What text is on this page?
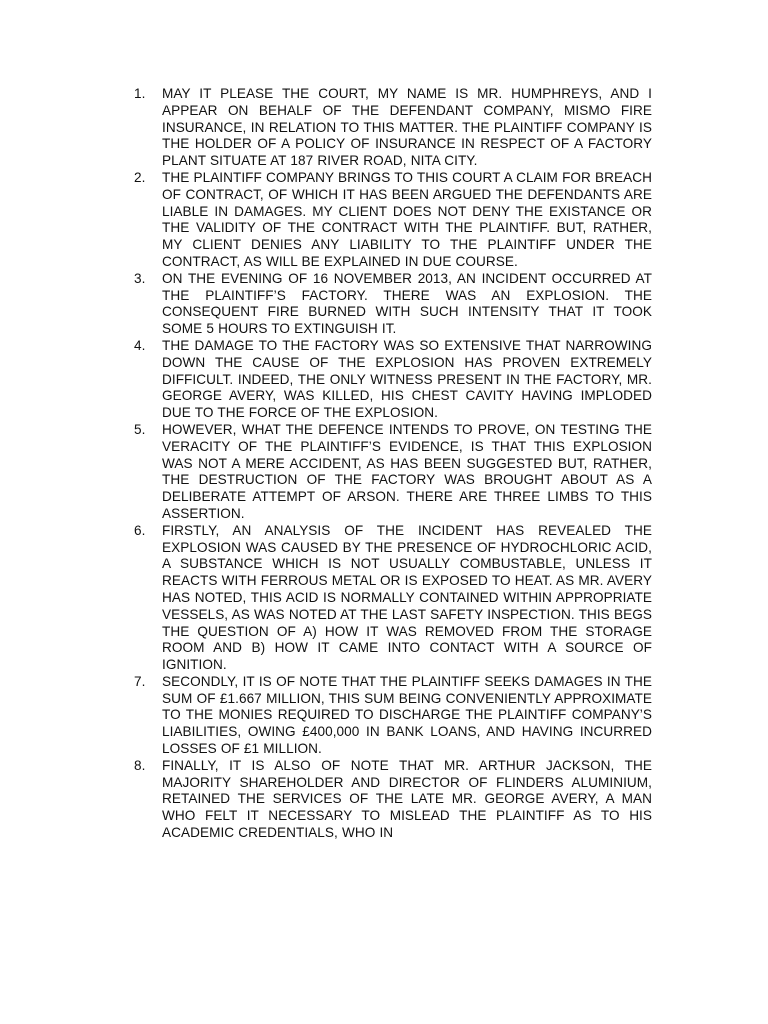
1.	MAY IT PLEASE THE COURT, MY NAME IS MR. HUMPHREYS, AND I APPEAR ON BEHALF OF THE DEFENDANT COMPANY, MISMO FIRE INSURANCE, IN RELATION TO THIS MATTER. THE PLAINTIFF COMPANY IS THE HOLDER OF A POLICY OF INSURANCE IN RESPECT OF A FACTORY PLANT SITUATE AT 187 RIVER ROAD, NITA CITY.
2.	THE PLAINTIFF COMPANY BRINGS TO THIS COURT A CLAIM FOR BREACH OF CONTRACT, OF WHICH IT HAS BEEN ARGUED THE DEFENDANTS ARE LIABLE IN DAMAGES. MY CLIENT DOES NOT DENY THE EXISTANCE OR THE VALIDITY OF THE CONTRACT WITH THE PLAINTIFF. BUT, RATHER, MY CLIENT DENIES ANY LIABILITY TO THE PLAINTIFF UNDER THE CONTRACT, AS WILL BE EXPLAINED IN DUE COURSE.
3.	ON THE EVENING OF 16 NOVEMBER 2013, AN INCIDENT OCCURRED AT THE PLAINTIFF’S FACTORY. THERE WAS AN EXPLOSION. THE CONSEQUENT FIRE BURNED WITH SUCH INTENSITY THAT IT TOOK SOME 5 HOURS TO EXTINGUISH IT.
4.	THE DAMAGE TO THE FACTORY WAS SO EXTENSIVE THAT NARROWING DOWN THE CAUSE OF THE EXPLOSION HAS PROVEN EXTREMELY DIFFICULT. INDEED, THE ONLY WITNESS PRESENT IN THE FACTORY, MR. GEORGE AVERY, WAS KILLED, HIS CHEST CAVITY HAVING IMPLODED DUE TO THE FORCE OF THE EXPLOSION.
5.	HOWEVER, WHAT THE DEFENCE INTENDS TO PROVE, ON TESTING THE VERACITY OF THE PLAINTIFF’S EVIDENCE, IS THAT THIS EXPLOSION WAS NOT A MERE ACCIDENT, AS HAS BEEN SUGGESTED BUT, RATHER, THE DESTRUCTION OF THE FACTORY WAS BROUGHT ABOUT AS A DELIBERATE ATTEMPT OF ARSON. THERE ARE THREE LIMBS TO THIS ASSERTION.
6.	FIRSTLY, AN ANALYSIS OF THE INCIDENT HAS REVEALED THE EXPLOSION WAS CAUSED BY THE PRESENCE OF HYDROCHLORIC ACID, A SUBSTANCE WHICH IS NOT USUALLY COMBUSTABLE, UNLESS IT REACTS WITH FERROUS METAL OR IS EXPOSED TO HEAT. AS MR. AVERY HAS NOTED, THIS ACID IS NORMALLY CONTAINED WITHIN APPROPRIATE VESSELS, AS WAS NOTED AT THE LAST SAFETY INSPECTION. THIS BEGS THE QUESTION OF A) HOW IT WAS REMOVED FROM THE STORAGE ROOM AND B) HOW IT CAME INTO CONTACT WITH A SOURCE OF IGNITION.
7.	SECONDLY, IT IS OF NOTE THAT THE PLAINTIFF SEEKS DAMAGES IN THE SUM OF £1.667 MILLION, THIS SUM BEING CONVENIENTLY APPROXIMATE TO THE MONIES REQUIRED TO DISCHARGE THE PLAINTIFF COMPANY’S LIABILITIES, OWING £400,000 IN BANK LOANS, AND HAVING INCURRED LOSSES OF £1 MILLION.
8.	FINALLY, IT IS ALSO OF NOTE THAT MR. ARTHUR JACKSON, THE MAJORITY SHAREHOLDER AND DIRECTOR OF FLINDERS ALUMINIUM, RETAINED THE SERVICES OF THE LATE MR. GEORGE AVERY, A MAN WHO FELT IT NECESSARY TO MISLEAD THE PLAINTIFF AS TO HIS ACADEMIC CREDENTIALS, WHO IN
